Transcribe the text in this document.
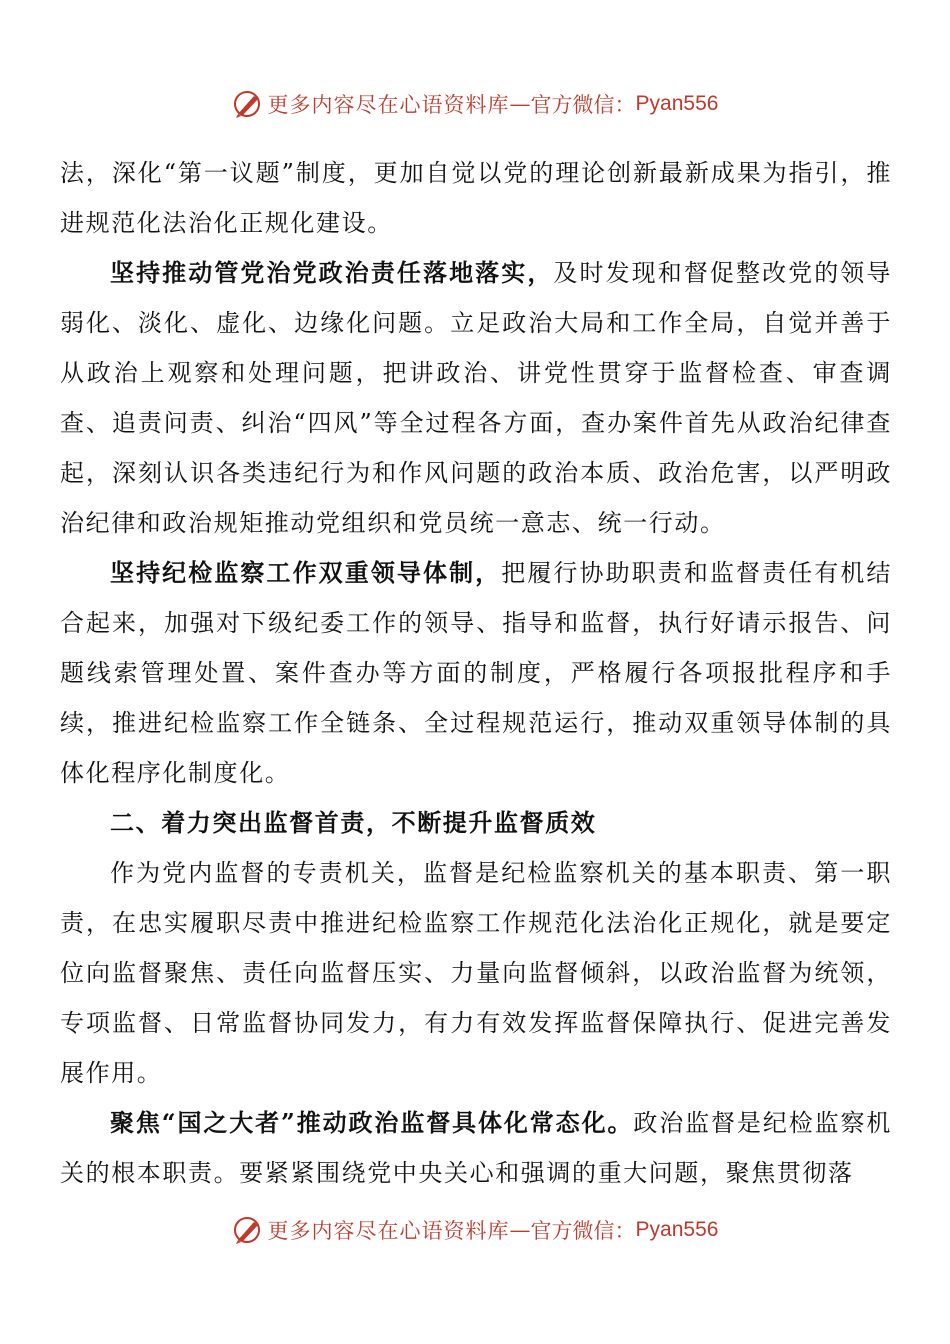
更多内容尽在心语资料库 — 官方微信： Pyan556

法，深化“第一议题”制度，更加自觉以党的理论创新最新成果为指引，推进规范化法治化正规化建设。

坚持推动管党治党政治责任落地落实，及时发现和督促整改党的领导弱化、淡化、虚化、边缘化问题。立足政治大局和工作全局，自觉并善于从政治上观察和处理问题，把讲政治、讲党性贯穿于监督检查、审查调查、追责问责、纠治“四风”等全过程各方面，查办案件首先从政治纪律查起，深刻认识各类违纪行为和作风问题的政治本质、政治危害，以严明政治纪律和政治规矩推动党组织和党员统一意志、统一行动。

坚持纪检监察工作双重领导体制，把履行协助职责和监督责任有机结合起来，加强对下级纪委工作的领导、指导和监督，执行好请示报告、问题线索管理处置、案件查办等方面的制度，严格履行各项报批程序和手续，推进纪检监察工作全链条、全过程规范运行，推动双重领导体制的具体化程序化制度化。

二、着力突出监督首责，不断提升监督质效

作为党内监督的专责机关，监督是纪检监察机关的基本职责、第一职责，在忠实履职尽责中推进纪检监察工作规范化法治化正规化，就是要定位向监督聚焦、责任向监督压实、力量向监督倾斜，以政治监督为统领，专项监督、日常监督协同发力，有力有效发挥监督保障执行、促进完善发展作用。

聚焦“国之大者”推动政治监督具体化常态化。政治监督是纪检监察机关的根本职责。要紧紧围绕党中央关心和强调的重大问题，聚焦贯彻落

更多内容尽在心语资料库 — 官方微信： Pyan556
